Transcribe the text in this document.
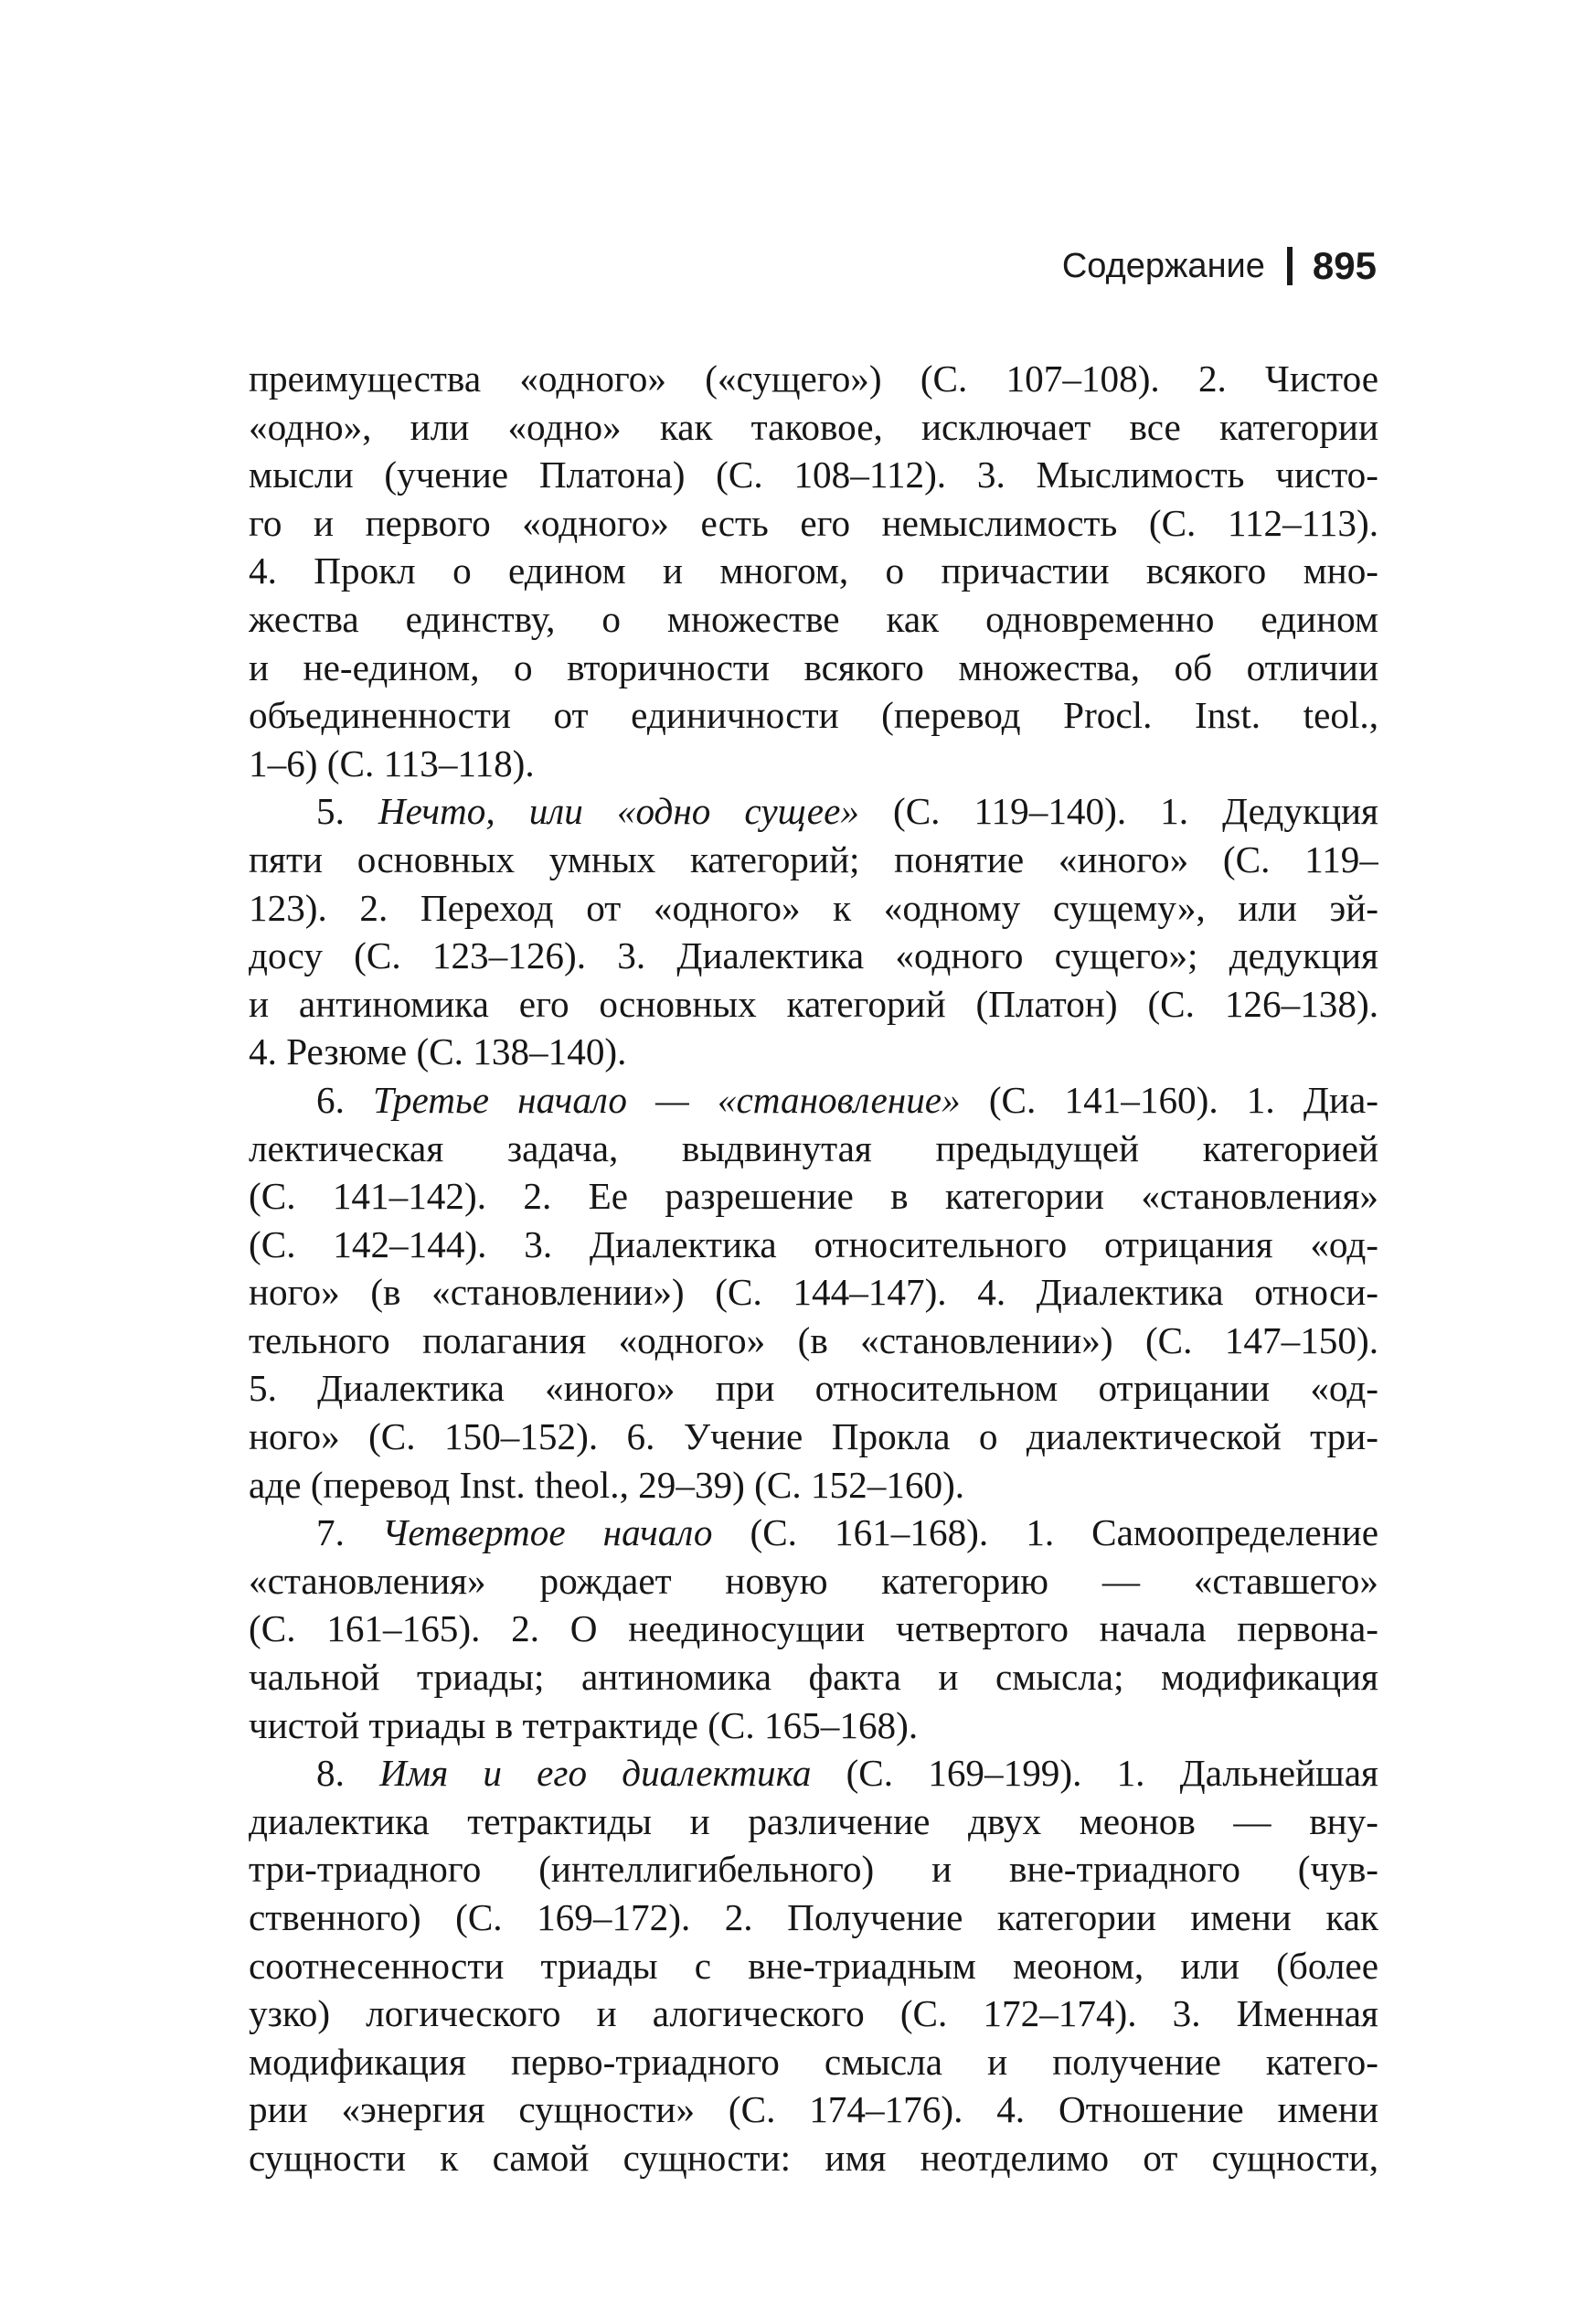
Содержание 895
преимущества «одного» («сущего») (С. 107–108). 2. Чистое
«одно», или «одно» как таковое, исключает все категории
мысли (учение Платона) (С. 108–112). 3. Мыслимость чисто-
го и первого «одного» есть его немыслимость (С. 112–113).
4. Прокл о едином и многом, о причастии всякого мно-
жества единству, о множестве как одновременно едином
и не-едином, о вторичности всякого множества, об отличии
объединенности от единичности (перевод Procl. Inst. teol.,
1–6) (С. 113–118).
5. Нечто, или «одно сущее» (С. 119–140). 1. Дедукция
пяти основных умных категорий; понятие «иного» (С. 119–
123). 2. Переход от «одного» к «одному сущему», или эй-
досу (С. 123–126). 3. Диалектика «одного сущего»; дедукция
и антиномика его основных категорий (Платон) (С. 126–138).
4. Резюме (С. 138–140).
6. Третье начало — «становление» (С. 141–160). 1. Диа-
лектическая задача, выдвинутая предыдущей категорией
(С. 141–142). 2. Ее разрешение в категории «становления»
(С. 142–144). 3. Диалектика относительного отрицания «од-
ного» (в «становлении») (С. 144–147). 4. Диалектика относи-
тельного полагания «одного» (в «становлении») (С. 147–150).
5. Диалектика «иного» при относительном отрицании «од-
ного» (С. 150–152). 6. Учение Прокла о диалектической три-
аде (перевод Inst. theol., 29–39) (С. 152–160).
7. Четвертое начало (С. 161–168). 1. Самоопределение
«становления» рождает новую категорию — «ставшего»
(С. 161–165). 2. О неединосущии четвертого начала первона-
чальной триады; антиномика факта и смысла; модификация
чистой триады в тетрактиде (С. 165–168).
8. Имя и его диалектика (С. 169–199). 1. Дальнейшая
диалектика тетрактиды и различение двух меонов — вну-
три-триадного (интеллигибельного) и вне-триадного (чув-
ственного) (С. 169–172). 2. Получение категории имени как
соотнесенности триады с вне-триадным меоном, или (более
узко) логического и алогического (С. 172–174). 3. Именная
модификация перво-триадного смысла и получение катего-
рии «энергия сущности» (С. 174–176). 4. Отношение имени
сущности к самой сущности: имя неотделимо от сущности,
